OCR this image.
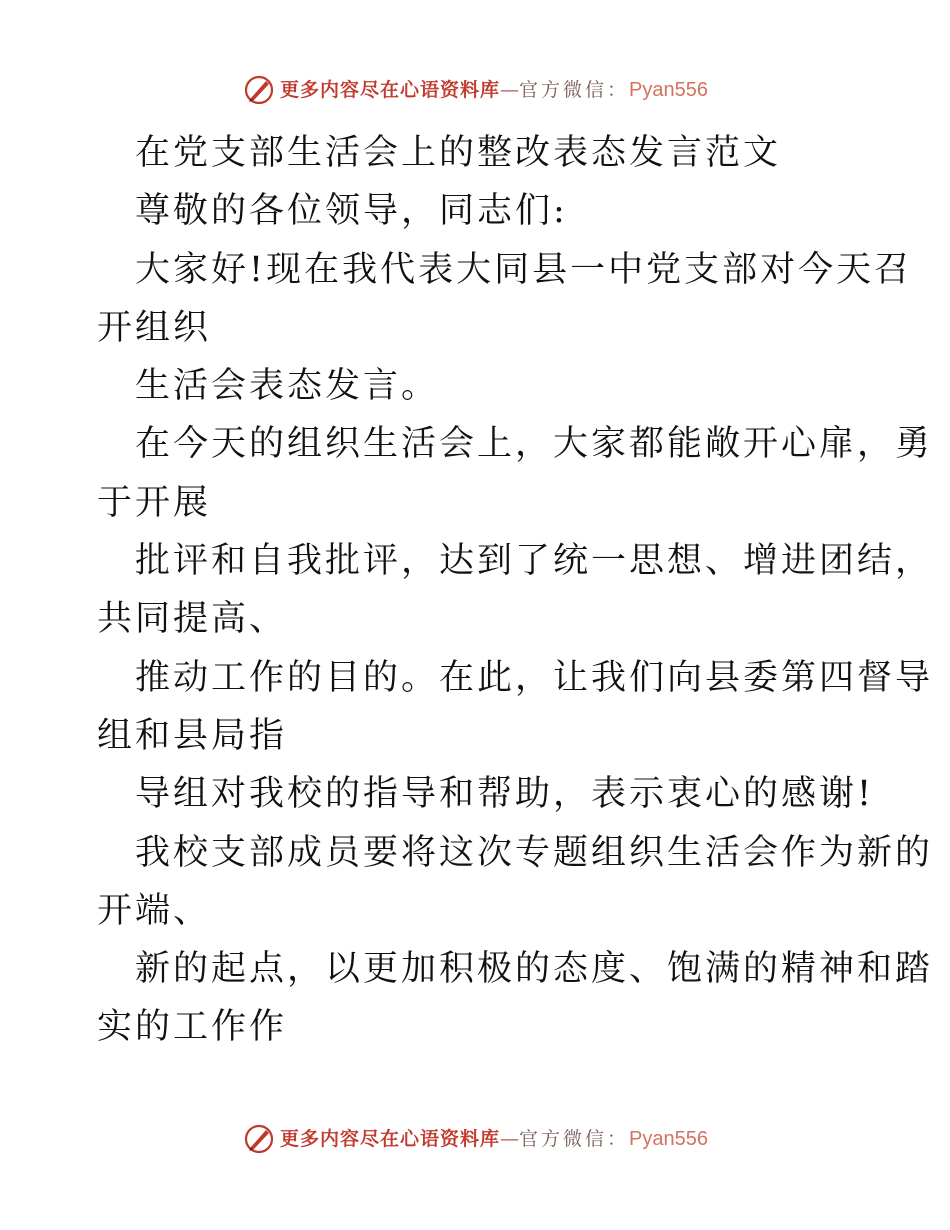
更多内容尽在心语资料库 — 官方微信： Pyan556
在党支部生活会上的整改表态发言范文
尊敬的各位领导，同志们:
大家好!现在我代表大同县一中党支部对今天召
开组织
生活会表态发言。
在今天的组织生活会上，大家都能敞开心扉，勇
于开展
批评和自我批评，达到了统一思想、增进团结，
共同提高、
推动工作的目的。在此，让我们向县委第四督导
组和县局指
导组对我校的指导和帮助，表示衷心的感谢!
我校支部成员要将这次专题组织生活会作为新的
开端、
新的起点，以更加积极的态度、饱满的精神和踏
实的工作作
更多内容尽在心语资料库 — 官方微信： Pyan556
